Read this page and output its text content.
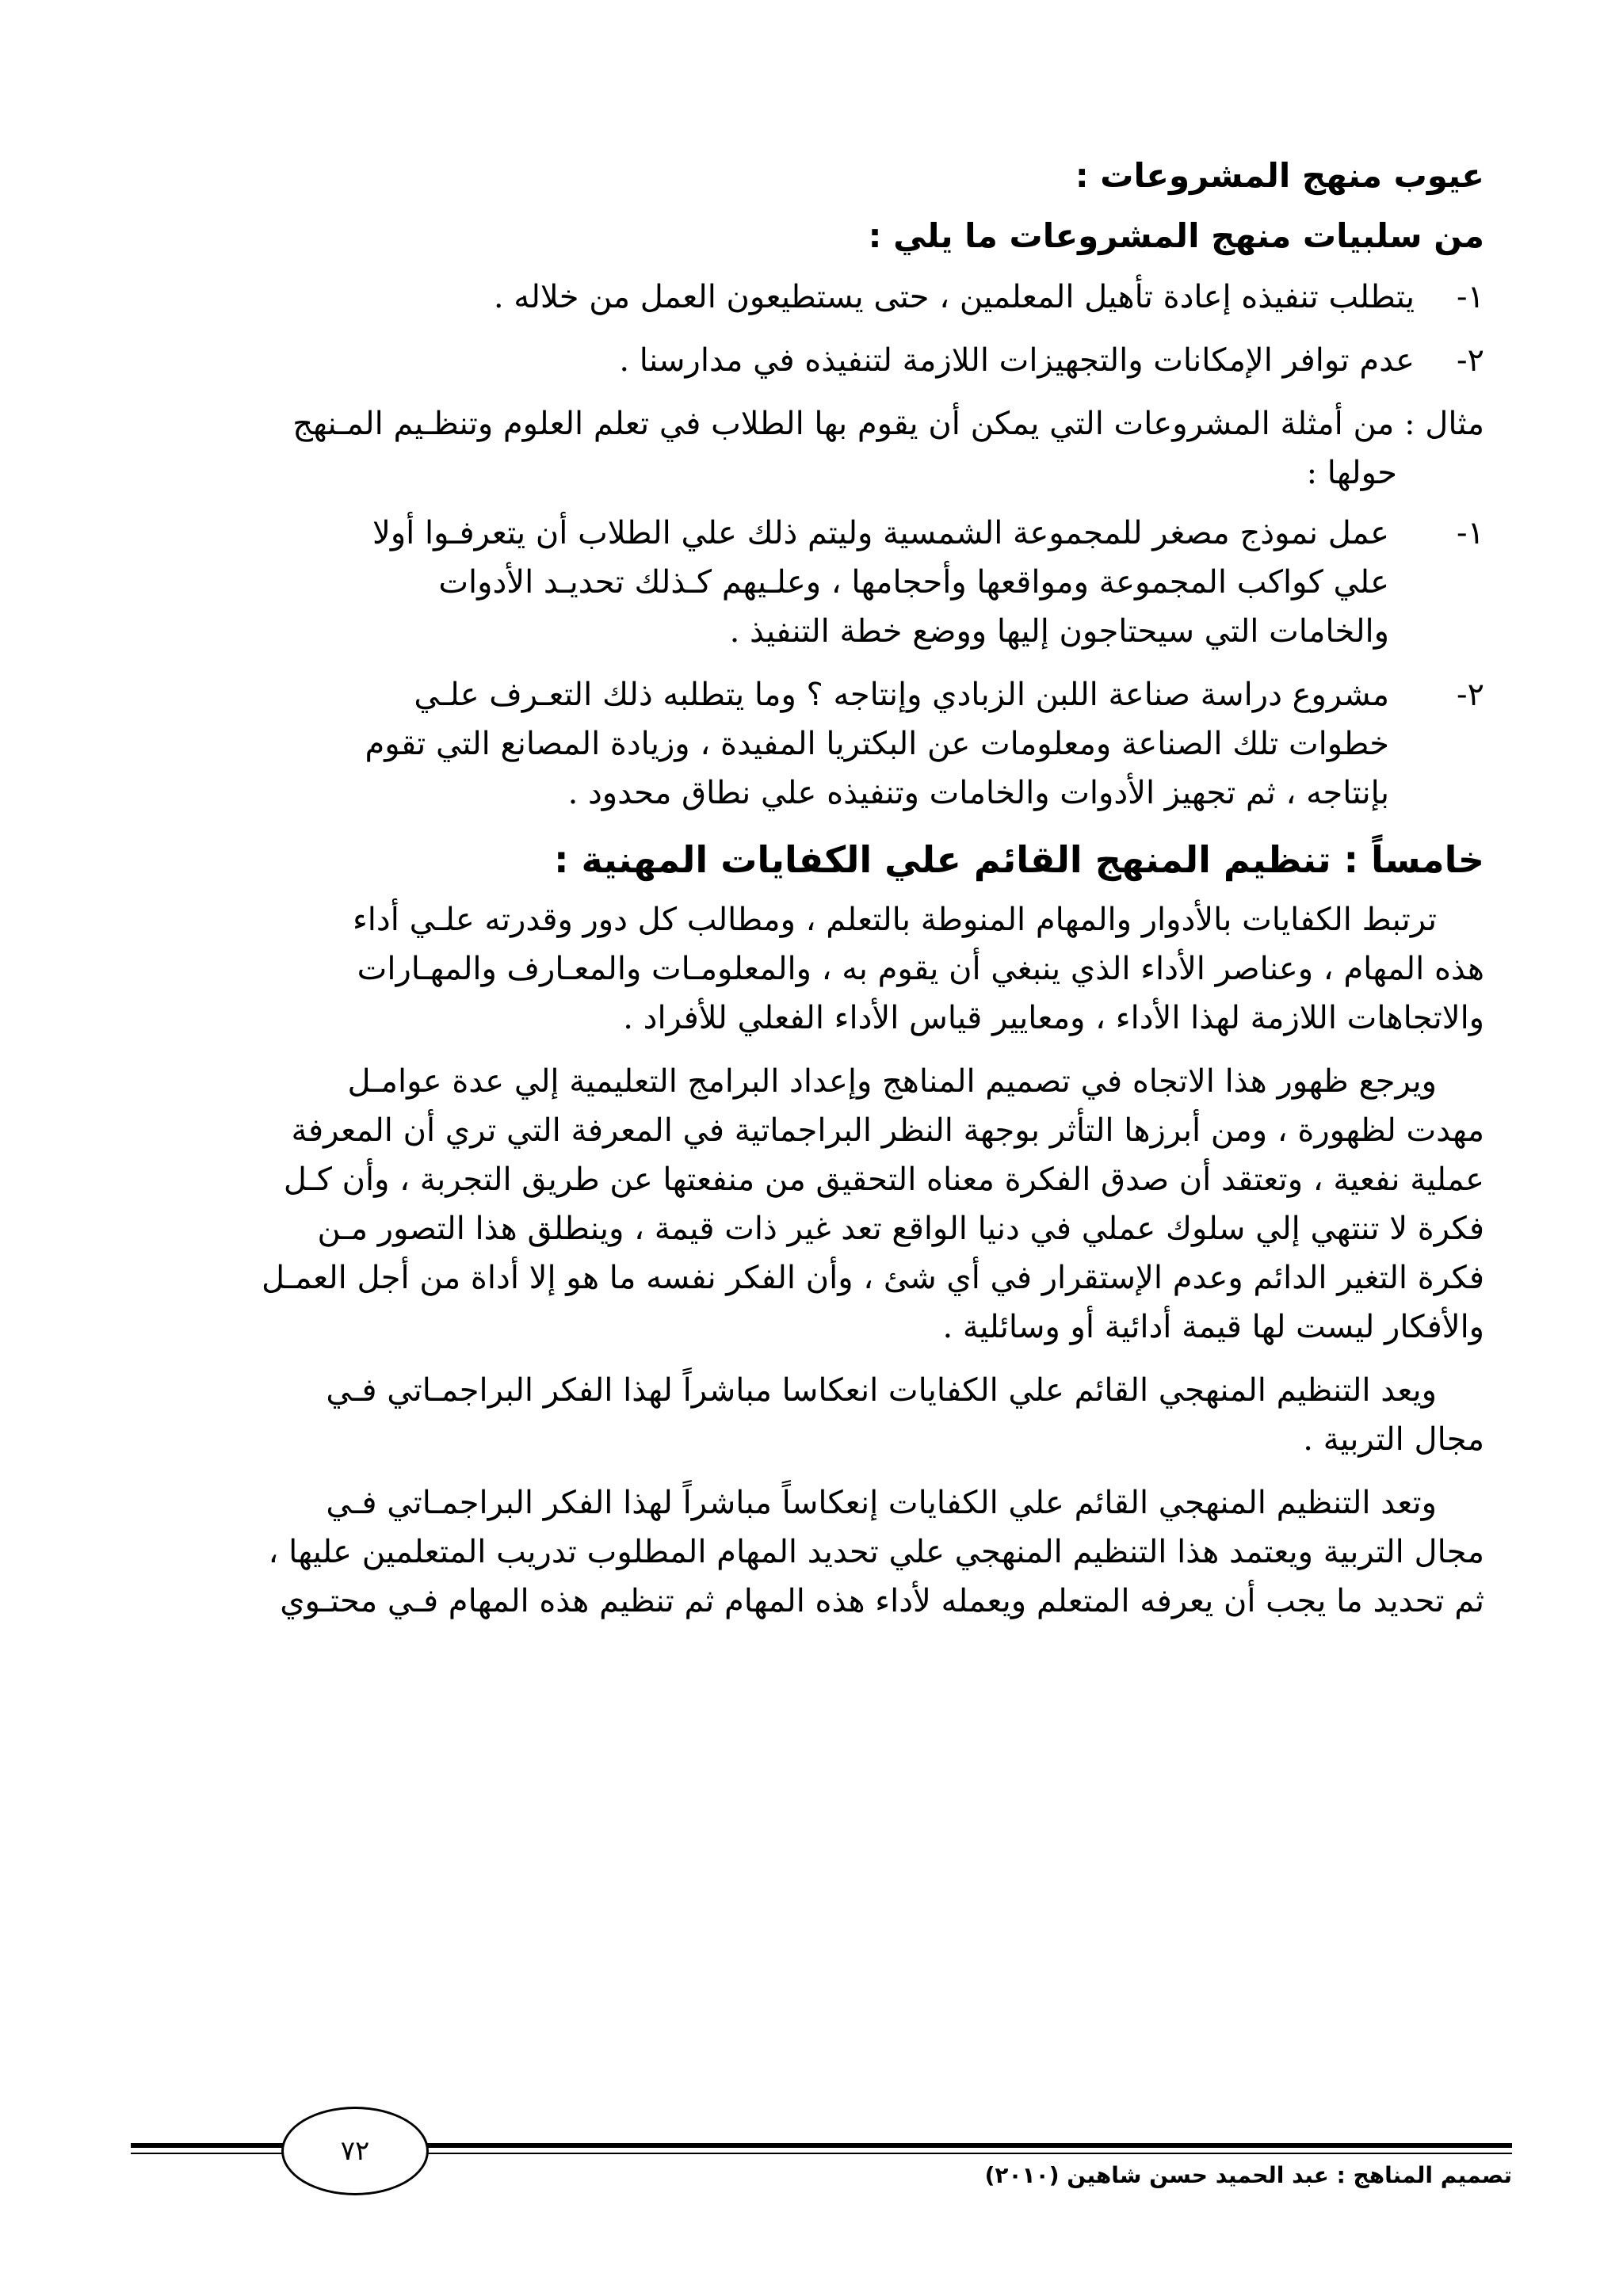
عيوب منهج المشروعات :
من سلبيات منهج المشروعات ما يلي :
١-
يتطلب تنفيذه إعادة تأهيل المعلمين ، حتى يستطيعون العمل من خلاله .
٢-
عدم توافر الإمكانات والتجهيزات اللازمة لتنفيذه في مدارسنا .
مثال : من أمثلة المشروعات التي يمكن أن يقوم بها الطلاب في تعلم العلوم وتنظـيم المـنهج
حولها :
١-
عمل نموذج مصغر للمجموعة الشمسية وليتم ذلك علي الطلاب أن يتعرفـوا أولا
علي كواكب المجموعة ومواقعها وأحجامها ، وعلـيهم كـذلك تحديـد الأدوات
والخامات التي سيحتاجون إليها ووضع خطة التنفيذ .
٢-
مشروع دراسة صناعة اللبن الزبادي وإنتاجه ؟ وما يتطلبه ذلك التعـرف علـي
خطوات تلك الصناعة ومعلومات عن البكتريا المفيدة ، وزيادة المصانع التي تقوم
بإنتاجه ، ثم تجهيز الأدوات والخامات وتنفيذه علي نطاق محدود .
خامساً : تنظيم المنهج القائم علي الكفايات المهنية :
ترتبط الكفايات بالأدوار والمهام المنوطة بالتعلم ، ومطالب كل دور وقدرته علـي أداء
هذه المهام ، وعناصر الأداء الذي ينبغي أن يقوم به ، والمعلومـات والمعـارف والمهـارات
والاتجاهات اللازمة لهذا الأداء ، ومعايير قياس الأداء الفعلي للأفراد .
ويرجع ظهور هذا الاتجاه في تصميم المناهج وإعداد البرامج التعليمية إلي عدة عوامـل
مهدت لظهورة ، ومن أبرزها التأثر بوجهة النظر البراجماتية في المعرفة التي تري أن المعرفة
عملية نفعية ، وتعتقد أن صدق الفكرة معناه التحقيق من منفعتها عن طريق التجربة ، وأن كـل
فكرة لا تنتهي إلي سلوك عملي في دنيا الواقع تعد غير ذات قيمة ، وينطلق هذا التصور مـن
فكرة التغير الدائم وعدم الإستقرار في أي شئ ، وأن الفكر نفسه ما هو إلا أداة من أجل العمـل
والأفكار ليست لها قيمة أدائية أو وسائلية .
ويعد التنظيم المنهجي القائم علي الكفايات انعكاسا مباشراً لهذا الفكر البراجمـاتي فـي
مجال التربية .
وتعد التنظيم المنهجي القائم علي الكفايات إنعكاساً مباشراً لهذا الفكر البراجمـاتي فـي
مجال التربية ويعتمد هذا التنظيم المنهجي علي تحديد المهام المطلوب تدريب المتعلمين عليها ،
ثم تحديد ما يجب أن يعرفه المتعلم ويعمله لأداء هذه المهام ثم تنظيم هذه المهام فـي محتـوي
٧٢
تصميم المناهج : عبد الحميد حسن شاهين (٢٠١٠)
